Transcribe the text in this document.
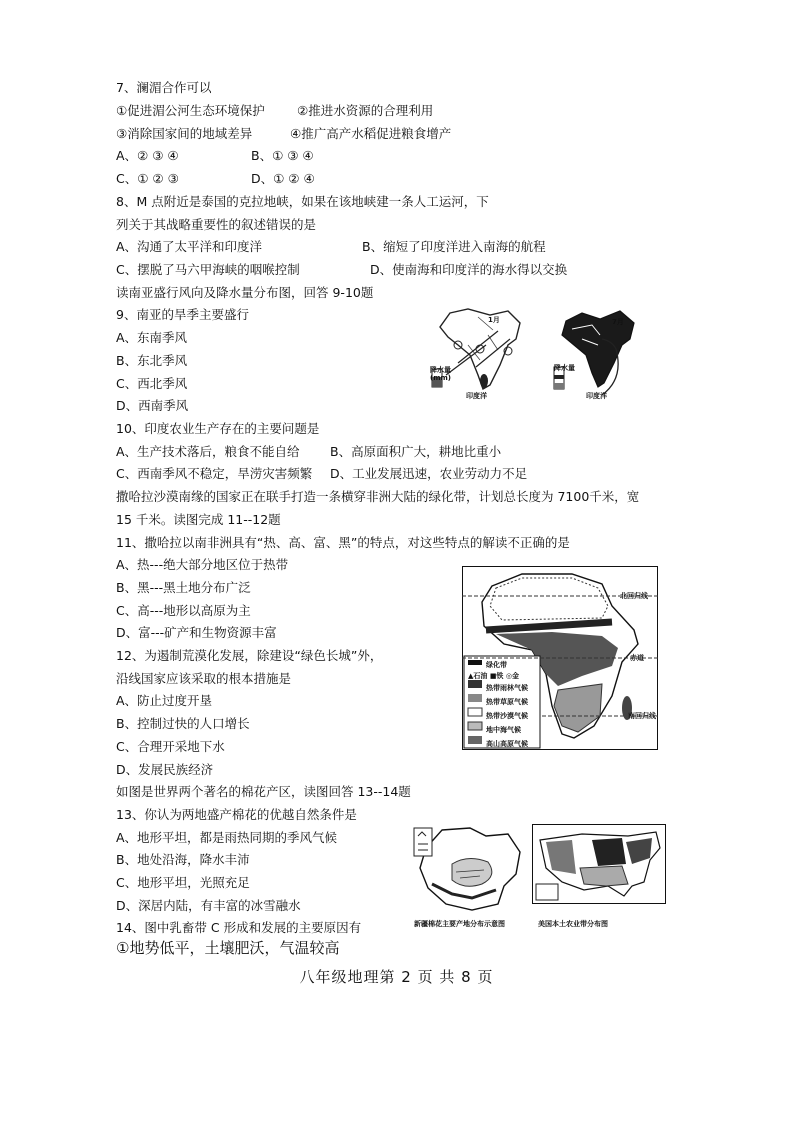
7、澜湄合作可以
①促进湄公河生态环境保护	②推进水资源的合理利用
③消除国家间的地域差异	④推广高产水稻促进粮食增产
A、② ③ ④	B、① ③ ④
C、① ② ③	D、① ② ④
8、M 点附近是泰国的克拉地峡，如果在该地峡建一条人工运河，下
列关于其战略重要性的叙述错误的是
A、沟通了太平洋和印度洋	B、缩短了印度洋进入南海的航程
C、摆脱了马六甲海峡的咽喉控制	D、使南海和印度洋的海水得以交换
读南亚盛行风向及降水量分布图，回答 9-10题
9、南亚的旱季主要盛行
A、东南季风
B、东北季风
C、西北季风
D、西南季风
1月
降水量
(mm)
印度洋
7月
降水量
印度洋
10、印度农业生产存在的主要问题是
A、生产技术落后，粮食不能自给 B、高原面积广大，耕地比重小
C、西南季风不稳定，旱涝灾害频繁 D、工业发展迅速，农业劳动力不足
撒哈拉沙漠南缘的国家正在联手打造一条横穿非洲大陆的绿化带，计划总长度为 7100千米，宽
15 千米。读图完成 11--12题
11、撒哈拉以南非洲具有“热、高、富、黑”的特点，对这些特点的解读不正确的是
A、热---绝大部分地区位于热带
B、黑---黑土地分布广泛
C、高---地形以高原为主
D、富---矿产和生物资源丰富
北回归线
赤道
南回归线
绿化带
▲石油 ■铁 ◎金
热带雨林气候
热带草原气候
热带沙漠气候
地中海气候
高山高原气候
12、为遏制荒漠化发展，除建设“绿色长城”外，
沿线国家应该采取的根本措施是
A、防止过度开垦
B、控制过快的人口增长
C、合理开采地下水
D、发展民族经济
如图是世界两个著名的棉花产区，读图回答 13--14题
13、你认为两地盛产棉花的优越自然条件是
A、地形平坦，都是雨热同期的季风气候
B、地处沿海，降水丰沛
C、地形平坦，光照充足
D、深居内陆，有丰富的冰雪融水
新疆棉花主要产地分布示意图	美国本土农业带分布图
14、图中乳畜带 C 形成和发展的主要原因有
①地势低平，土壤肥沃，气温较高
八年级地理第 2 页 共 8 页
